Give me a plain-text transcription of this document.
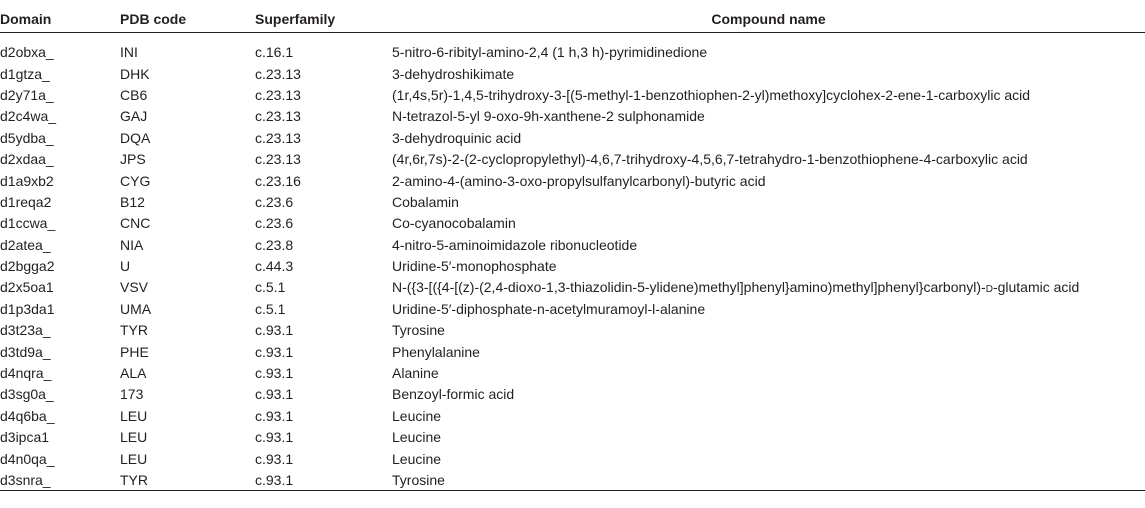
Domain	PDB code	Superfamily	Compound name

d2obxa_	INI	c.16.1	5-nitro-6-ribityl-amino-2,4 (1 h,3 h)-pyrimidinedione
d1gtza_	DHK	c.23.13	3-dehydroshikimate
d2y71a_	CB6	c.23.13	(1r,4s,5r)-1,4,5-trihydroxy-3-[(5-methyl-1-benzothiophen-2-yl)methoxy]cyclohex-2-ene-1-carboxylic acid
d2c4wa_	GAJ	c.23.13	N-tetrazol-5-yl 9-oxo-9h-xanthene-2 sulphonamide
d5ydba_	DQA	c.23.13	3-dehydroquinic acid
d2xdaa_	JPS	c.23.13	(4r,6r,7s)-2-(2-cyclopropylethyl)-4,6,7-trihydroxy-4,5,6,7-tetrahydro-1-benzothiophene-4-carboxylic acid
d1a9xb2	CYG	c.23.16	2-amino-4-(amino-3-oxo-propylsulfanylcarbonyl)-butyric acid
d1reqa2	B12	c.23.6	Cobalamin
d1ccwa_	CNC	c.23.6	Co-cyanocobalamin
d2atea_	NIA	c.23.8	4-nitro-5-aminoimidazole ribonucleotide
d2bgga2	U	c.44.3	Uridine-5′-monophosphate
d2x5oa1	VSV	c.5.1	N-({3-[({4-[(z)-(2,4-dioxo-1,3-thiazolidin-5-ylidene)methyl]phenyl}amino)methyl]phenyl}carbonyl)-D-glutamic acid
d1p3da1	UMA	c.5.1	Uridine-5′-diphosphate-n-acetylmuramoyl-l-alanine
d3t23a_	TYR	c.93.1	Tyrosine
d3td9a_	PHE	c.93.1	Phenylalanine
d4nqra_	ALA	c.93.1	Alanine
d3sg0a_	173	c.93.1	Benzoyl-formic acid
d4q6ba_	LEU	c.93.1	Leucine
d3ipca1	LEU	c.93.1	Leucine
d4n0qa_	LEU	c.93.1	Leucine
d3snra_	TYR	c.93.1	Tyrosine
